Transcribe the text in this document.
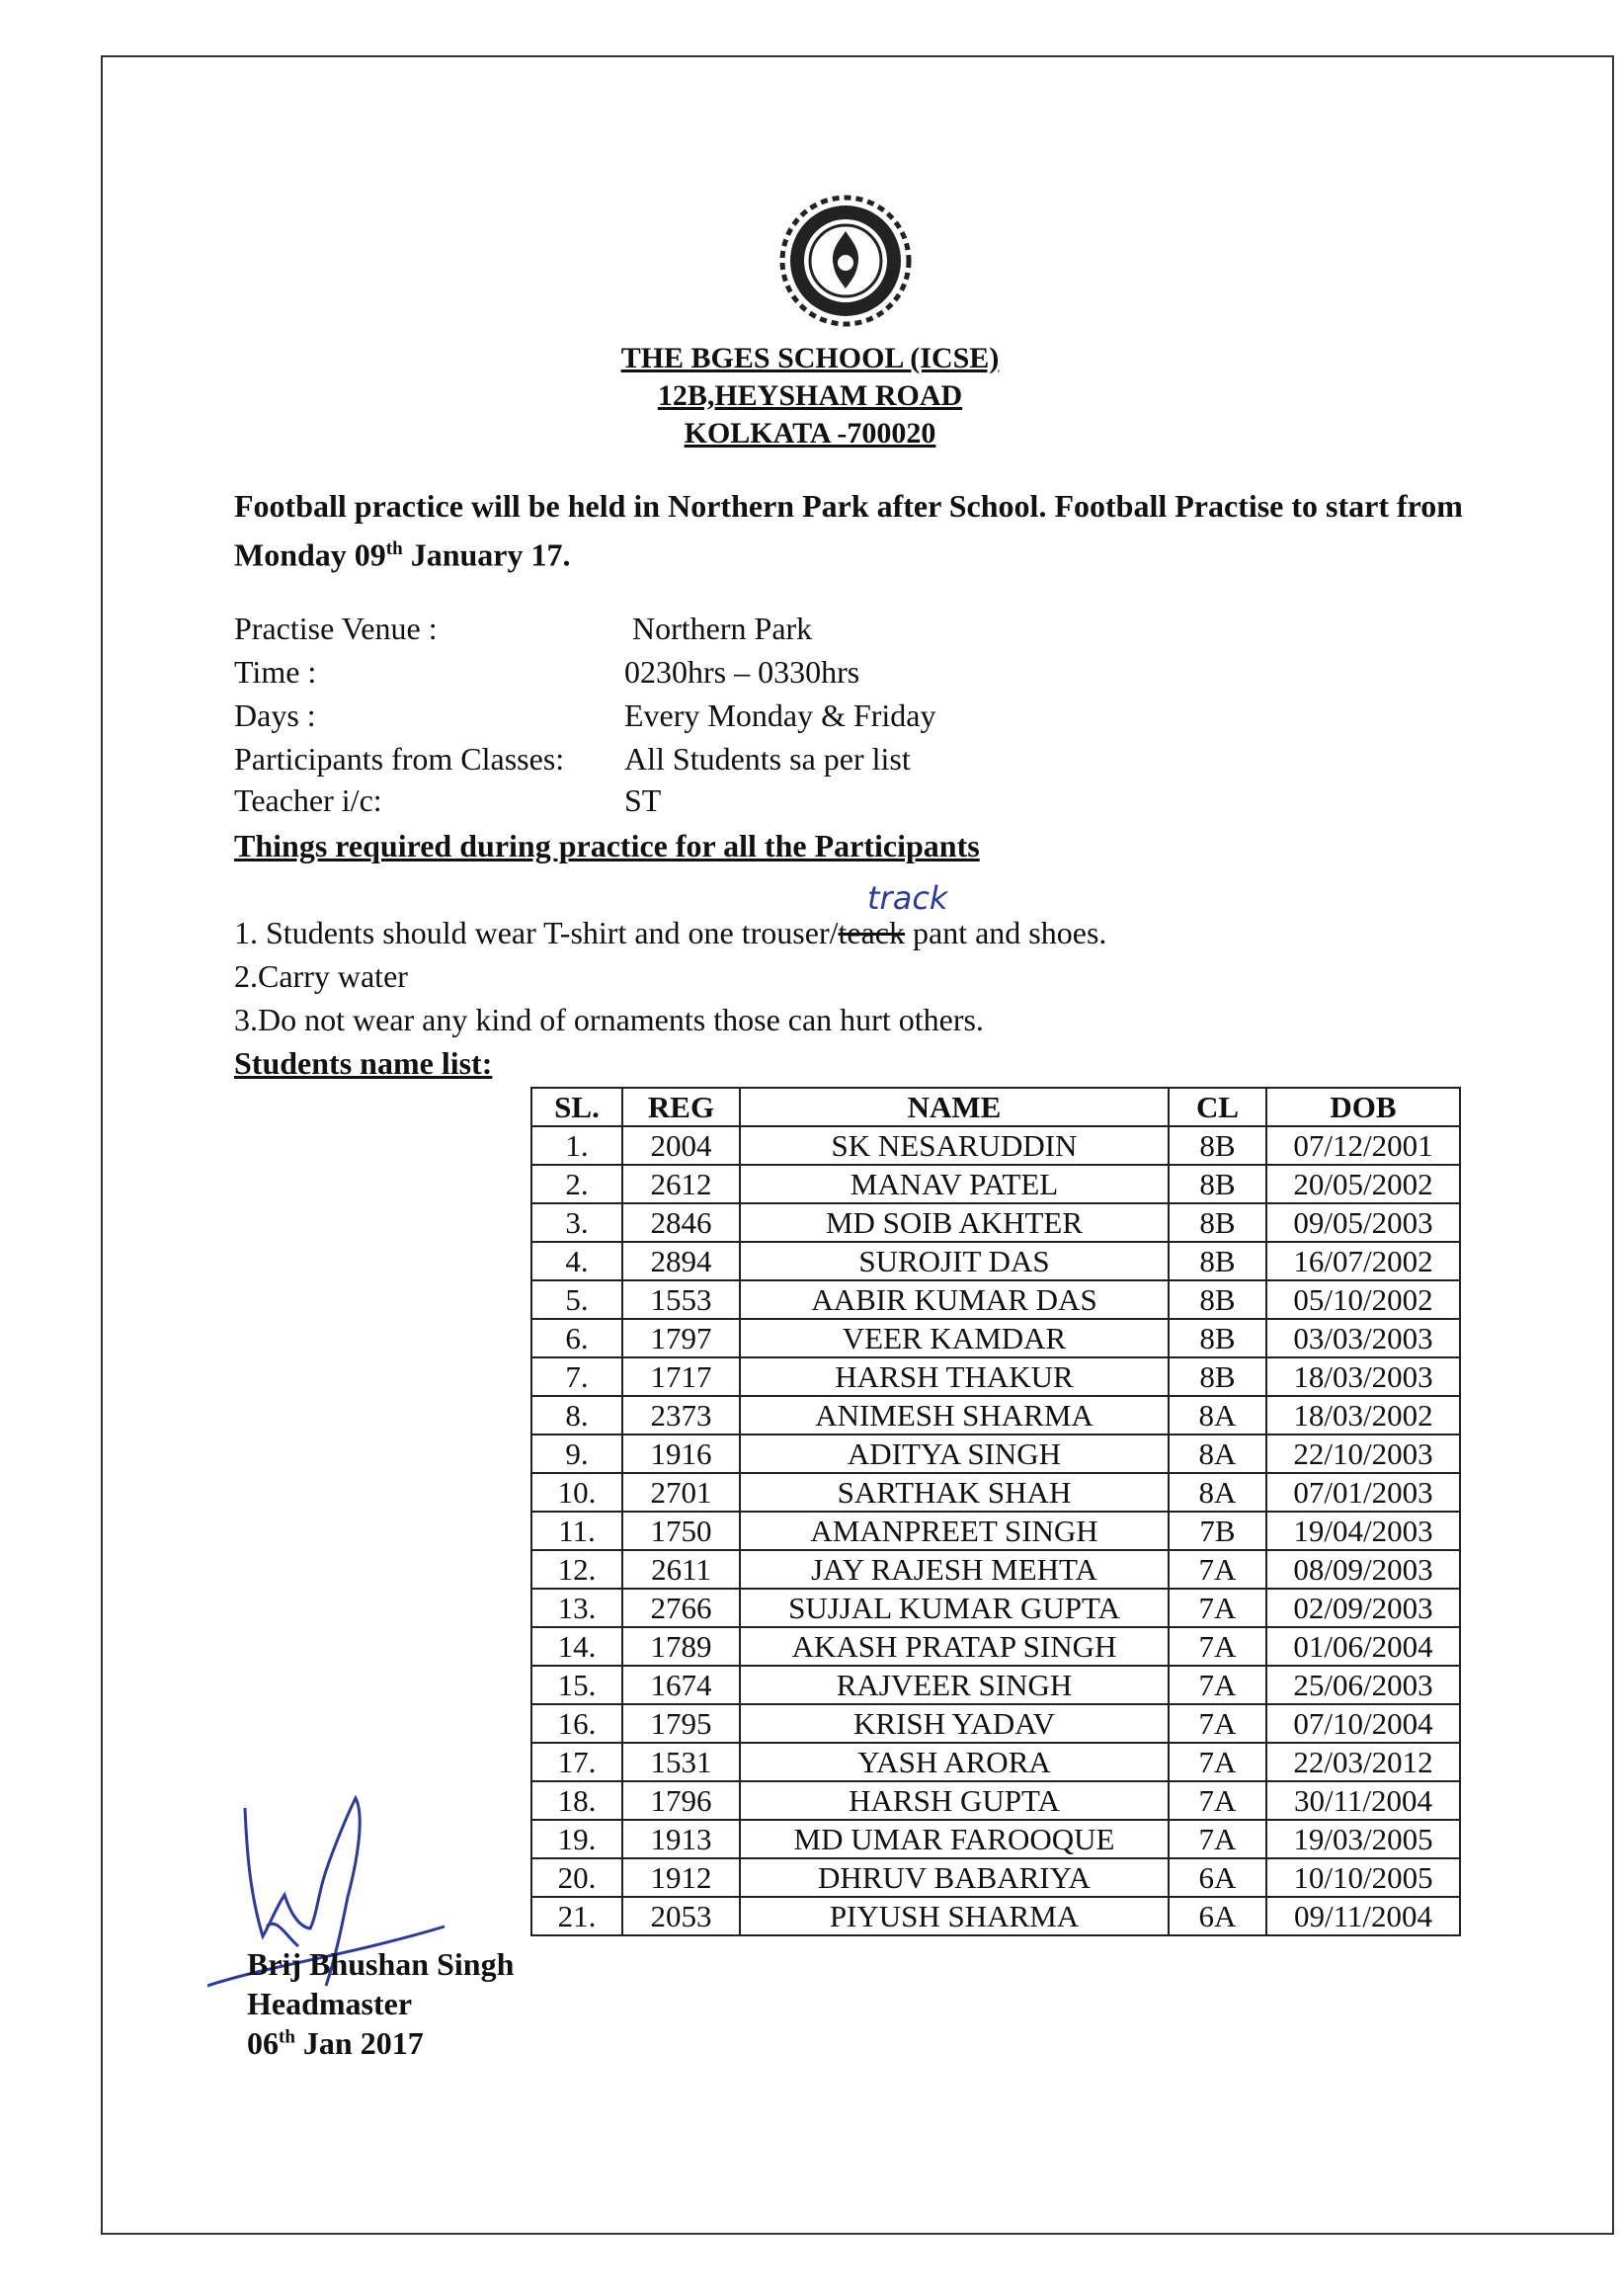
THE BGES SCHOOL (ICSE)
12B,HEYSHAM ROAD
KOLKATA -700020
Football practice will be held in Northern Park after School. Football Practise to start from Monday 09th January 17.
Practise Venue :	Northern Park
Time :	0230hrs – 0330hrs
Days :	Every Monday & Friday
Participants from Classes: All Students sa per list
Teacher i/c:	ST
Things required during practice for all the Participants
track
1. Students should wear T-shirt and one trouser/teack pant and shoes.
2.Carry water
3.Do not wear any kind of ornaments those can hurt others.
Students name list:
SL.	REG	NAME	CL	DOB
1.	2004	SK NESARUDDIN	8B	07/12/2001
2.	2612	MANAV PATEL	8B	20/05/2002
3.	2846	MD SOIB AKHTER	8B	09/05/2003
4.	2894	SUROJIT DAS	8B	16/07/2002
5.	1553	AABIR KUMAR DAS	8B	05/10/2002
6.	1797	VEER KAMDAR	8B	03/03/2003
7.	1717	HARSH THAKUR	8B	18/03/2003
8.	2373	ANIMESH SHARMA	8A	18/03/2002
9.	1916	ADITYA SINGH	8A	22/10/2003
10.	2701	SARTHAK SHAH	8A	07/01/2003
11.	1750	AMANPREET SINGH	7B	19/04/2003
12.	2611	JAY RAJESH MEHTA	7A	08/09/2003
13.	2766	SUJJAL KUMAR GUPTA	7A	02/09/2003
14.	1789	AKASH PRATAP SINGH	7A	01/06/2004
15.	1674	RAJVEER SINGH	7A	25/06/2003
16.	1795	KRISH YADAV	7A	07/10/2004
17.	1531	YASH ARORA	7A	22/03/2012
18.	1796	HARSH GUPTA	7A	30/11/2004
19.	1913	MD UMAR FAROOQUE	7A	19/03/2005
20.	1912	DHRUV BABARIYA	6A	10/10/2005
21.	2053	PIYUSH SHARMA	6A	09/11/2004
Brij Bhushan Singh
Headmaster
06th Jan 2017
